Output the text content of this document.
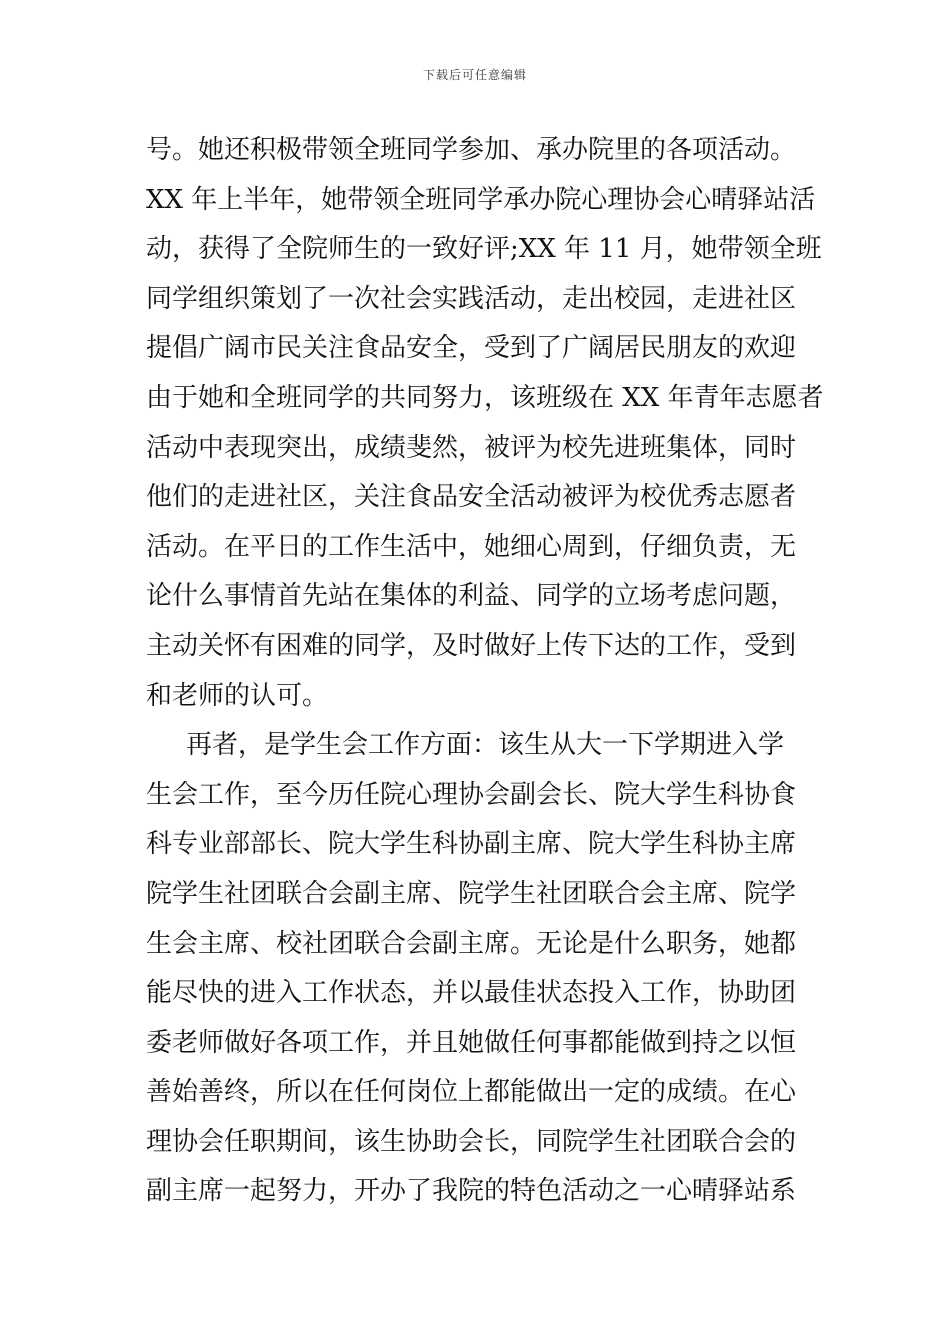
下载后可任意编辑
号。她还积极带领全班同学参加、承办院里的各项活动。
XX 年上半年，她带领全班同学承办院心理协会心晴驿站活
动，获得了全院师生的一致好评;XX 年 11 月，她带领全班
同学组织策划了一次社会实践活动，走出校园，走进社区
提倡广阔市民关注食品安全，受到了广阔居民朋友的欢迎
由于她和全班同学的共同努力，该班级在 XX 年青年志愿者
活动中表现突出，成绩斐然，被评为校先进班集体，同时
他们的走进社区，关注食品安全活动被评为校优秀志愿者
活动。在平日的工作生活中，她细心周到，仔细负责，无
论什么事情首先站在集体的利益、同学的立场考虑问题，
主动关怀有困难的同学，及时做好上传下达的工作，受到
和老师的认可。
再者，是学生会工作方面：该生从大一下学期进入学
生会工作，至今历任院心理协会副会长、院大学生科协食
科专业部部长、院大学生科协副主席、院大学生科协主席
院学生社团联合会副主席、院学生社团联合会主席、院学
生会主席、校社团联合会副主席。无论是什么职务，她都
能尽快的进入工作状态，并以最佳状态投入工作，协助团
委老师做好各项工作，并且她做任何事都能做到持之以恒
善始善终，所以在任何岗位上都能做出一定的成绩。在心
理协会任职期间，该生协助会长，同院学生社团联合会的
副主席一起努力，开办了我院的特色活动之一心晴驿站系
